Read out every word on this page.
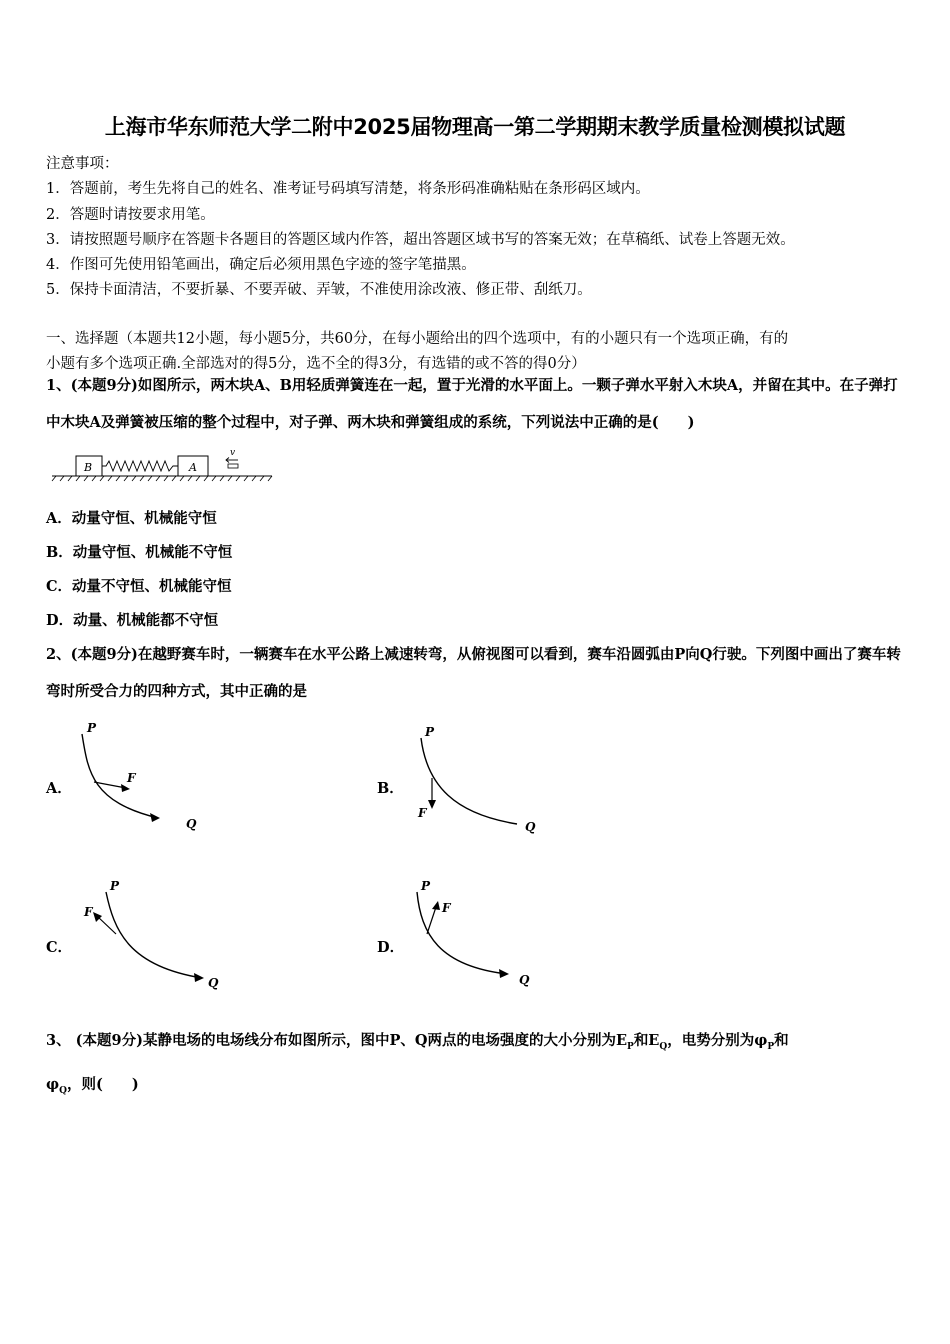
上海市华东师范大学二附中2025届物理高一第二学期期末教学质量检测模拟试题
注意事项：
1．答题前，考生先将自己的姓名、准考证号码填写清楚，将条形码准确粘贴在条形码区域内。
2．答题时请按要求用笔。
3．请按照题号顺序在答题卡各题目的答题区域内作答，超出答题区域书写的答案无效；在草稿纸、试卷上答题无效。
4．作图可先使用铅笔画出，确定后必须用黑色字迹的签字笔描黑。
5．保持卡面清洁，不要折暴、不要弄破、弄皱，不准使用涂改液、修正带、刮纸刀。
一、选择题（本题共12小题，每小题5分，共60分，在每小题给出的四个选项中，有的小题只有一个选项正确，有的
小题有多个选项正确.全部选对的得5分，选不全的得3分，有选错的或不答的得0分）
1、(本题9分)如图所示，两木块A、B用轻质弹簧连在一起，置于光滑的水平面上。一颗子弹水平射入木块A，并留在其中。在子弹打中木块A及弹簧被压缩的整个过程中，对子弹、两木块和弹簧组成的系统，下列说法中正确的是(　　)
B	A
v
A．动量守恒、机械能守恒
B．动量守恒、机械能不守恒
C．动量不守恒、机械能守恒
D．动量、机械能都不守恒
2、(本题9分)在越野赛车时，一辆赛车在水平公路上减速转弯，从俯视图可以看到，赛车沿圆弧由P向Q行驶。下列图中画出了赛车转弯时所受合力的四种方式，其中正确的是
A．
P
Q
F
B．
P
Q
F
C．
P
Q
F
D．
P
Q
F
3、 (本题9分)某静电场的电场线分布如图所示，图中P、Q两点的电场强度的大小分别为$E_P$和$E_Q$，电势分别为$\varphi_P$和
$\varphi_Q$，则(　　)
